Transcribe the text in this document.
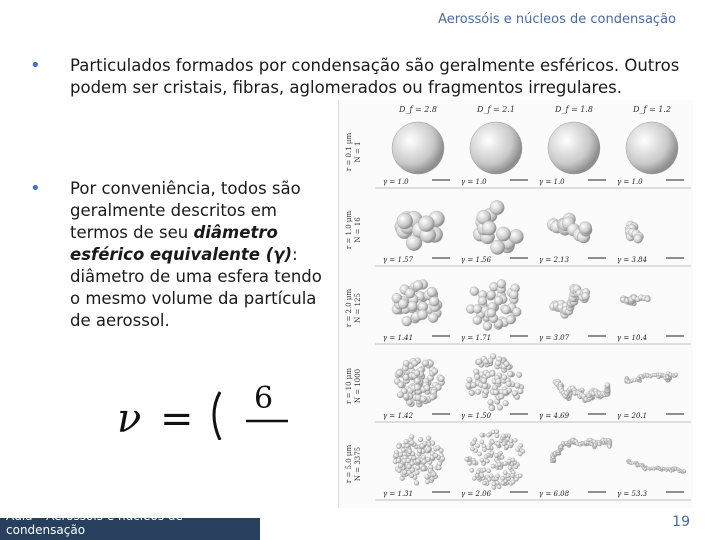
Aerossóis e núcleos de condensação
• Particulados formados por condensação são geralmente esféricos. Outros podem ser cristais, fibras, aglomerados ou fragmentos irregulares.
• Por conveniência, todos são geralmente descritos em termos de seu diâmetro esférico equivalente (γ): diâmetro de uma esfera tendo o mesmo volume da partícula de aerossol.
ν = 6
D_f = 2.8	D_f = 2.1	D_f = 1.8	D_f = 1.2
r = 0.1 μm N = 1
γ = 1.0	γ = 1.0	γ = 1.0	γ = 1.0
r = 1.0 μm N = 16
γ = 1.57	γ = 1.56	γ = 2.13	γ = 3.84
r = 2.0 μm N = 125
γ = 1.41	γ = 1.71	γ = 3.07	γ = 10.4
r = 10 μm N = 1000
γ = 1.42	γ = 1.50	γ = 4.69	γ = 20.1
r = 5.0 μm N = 3375
γ = 1.31	γ = 2.06	γ = 6.08	γ = 53.3
Aula – Aerossóis e núcleos de condensação	19
